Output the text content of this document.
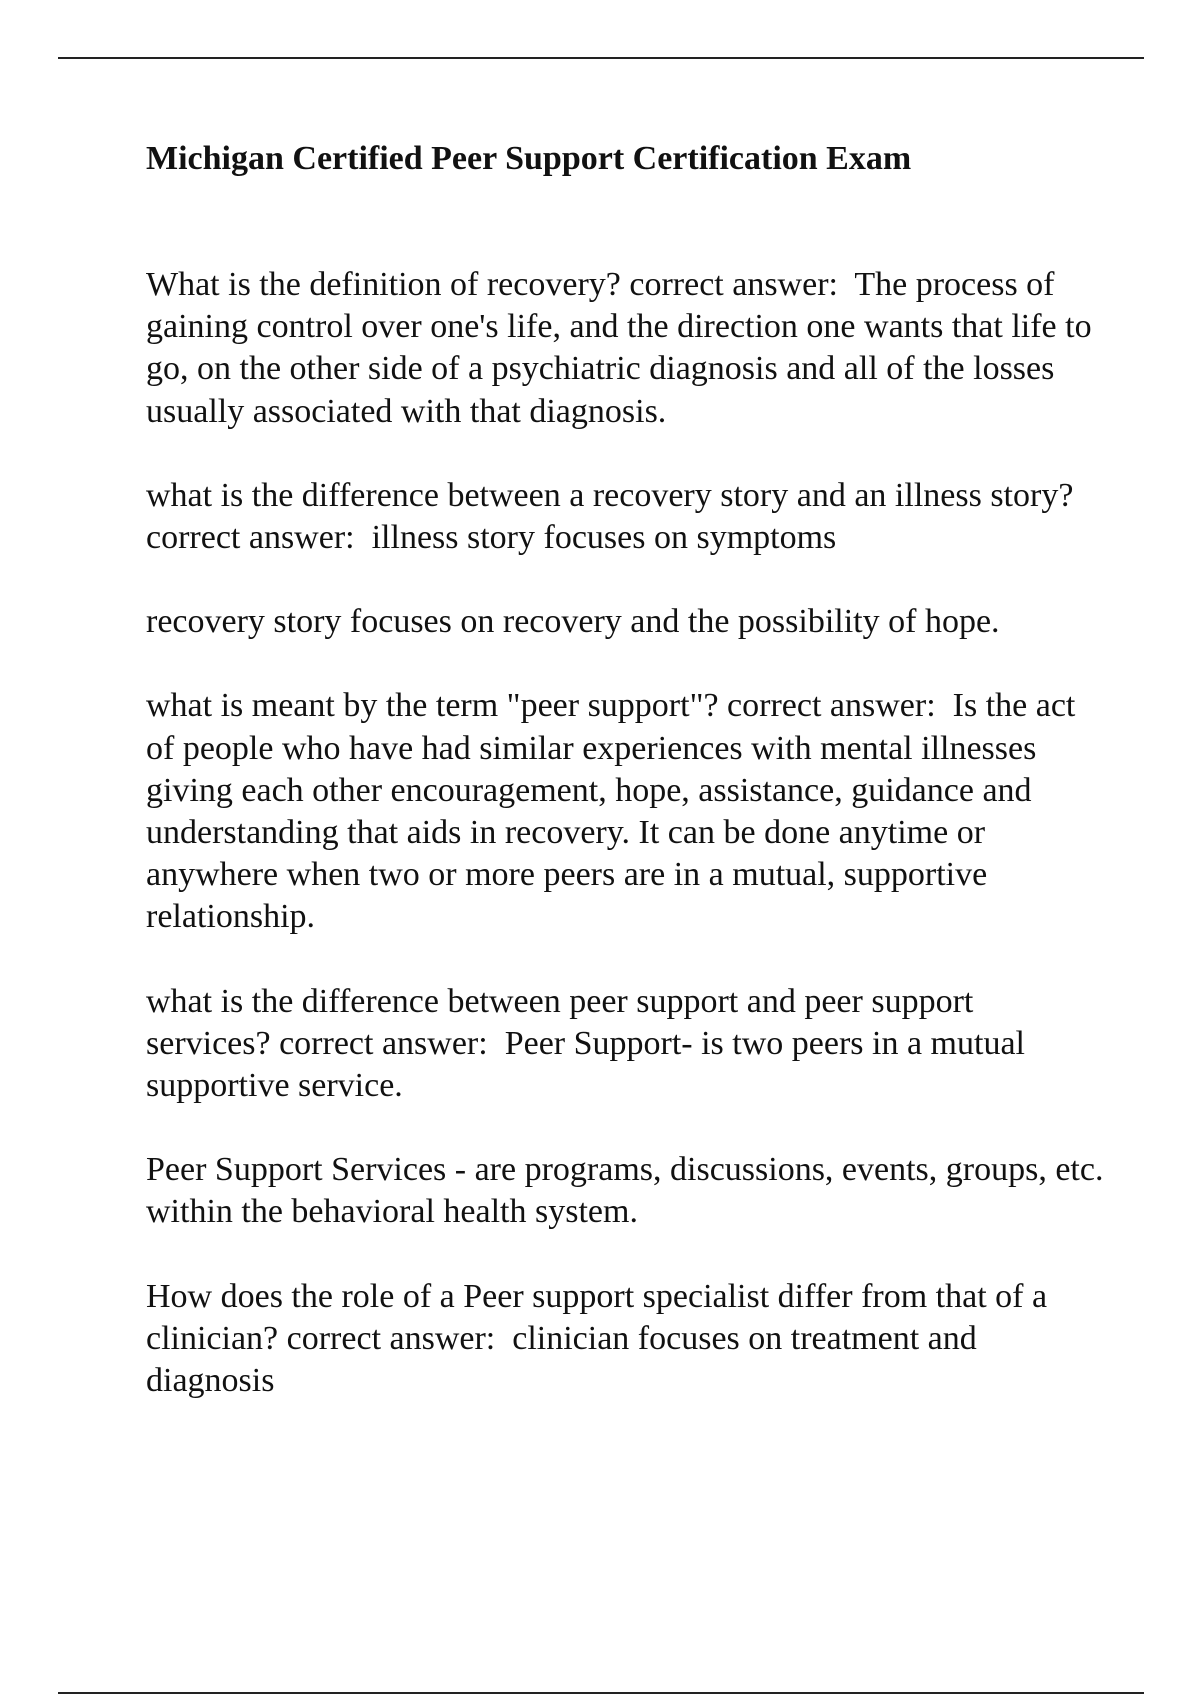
Michigan Certified Peer Support Certification Exam

What is the definition of recovery? correct answer:  The process of gaining control over one's life, and the direction one wants that life to go, on the other side of a psychiatric diagnosis and all of the losses usually associated with that diagnosis.

what is the difference between a recovery story and an illness story? correct answer:  illness story focuses on symptoms

recovery story focuses on recovery and the possibility of hope.

what is meant by the term "peer support"? correct answer:  Is the act of people who have had similar experiences with mental illnesses giving each other encouragement, hope, assistance, guidance and understanding that aids in recovery. It can be done anytime or anywhere when two or more peers are in a mutual, supportive relationship.

what is the difference between peer support and peer support services? correct answer:  Peer Support- is two peers in a mutual supportive service.

Peer Support Services - are programs, discussions, events, groups, etc. within the behavioral health system.

How does the role of a Peer support specialist differ from that of a clinician? correct answer:  clinician focuses on treatment and diagnosis
